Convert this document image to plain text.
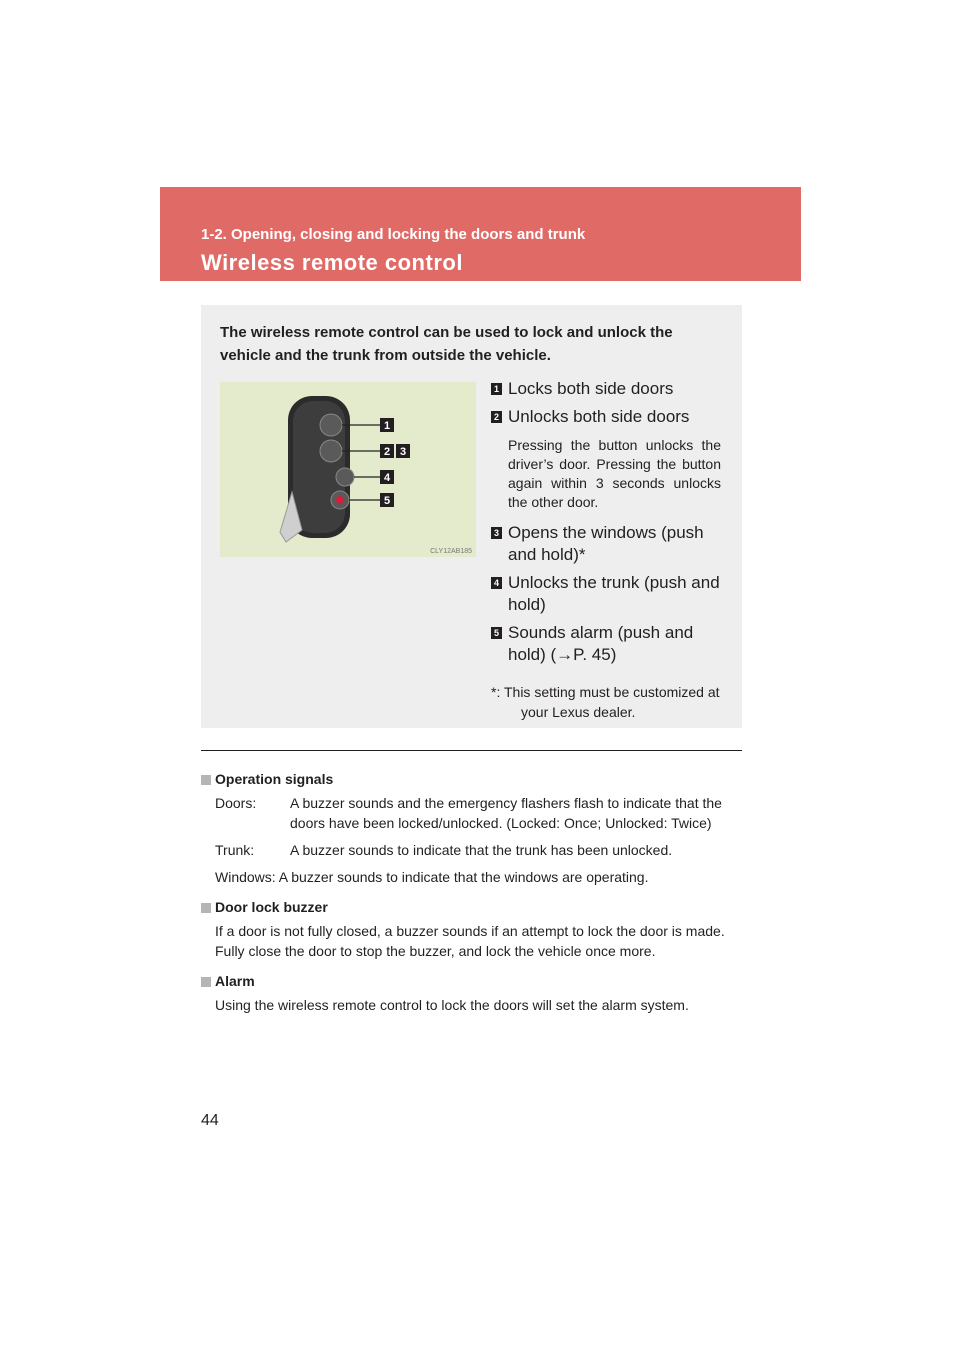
1-2. Opening, closing and locking the doors and trunk
Wireless remote control
The wireless remote control can be used to lock and unlock the vehicle and the trunk from outside the vehicle.
1
2 3
4
5
CLY12AB185
1 Locks both side doors
2 Unlocks both side doors
Pressing the button unlocks the driver’s door. Pressing the button again within 3 seconds unlocks the other door.
3 Opens the windows (push and hold)*
4 Unlocks the trunk (push and hold)
5 Sounds alarm (push and hold) (→P. 45)
*: This setting must be customized at your Lexus dealer.
Operation signals
Doors: A buzzer sounds and the emergency flashers flash to indicate that the doors have been locked/unlocked. (Locked: Once; Unlocked: Twice)
Trunk:	A buzzer sounds to indicate that the trunk has been unlocked.
Windows: A buzzer sounds to indicate that the windows are operating.
Door lock buzzer
If a door is not fully closed, a buzzer sounds if an attempt to lock the door is made. Fully close the door to stop the buzzer, and lock the vehicle once more.
Alarm
Using the wireless remote control to lock the doors will set the alarm system.
44
